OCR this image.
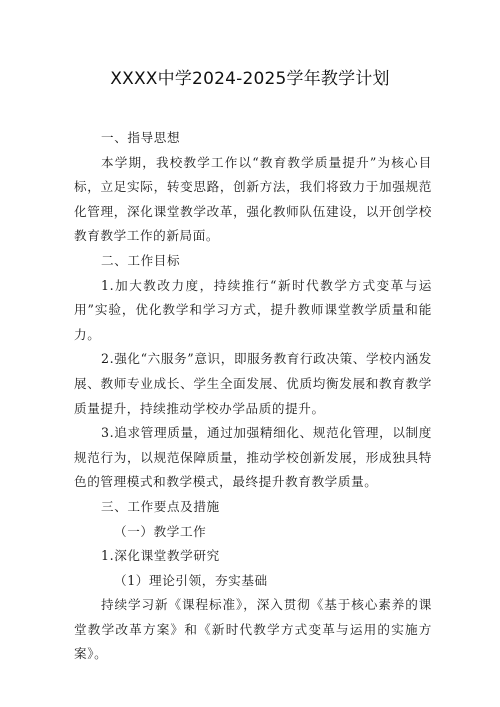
XXXX中学2024-2025学年教学计划

一、指导思想

本学期，我校教学工作以“教育教学质量提升”为核心目标，立足实际，转变思路，创新方法，我们将致力于加强规范化管理，深化课堂教学改革，强化教师队伍建设，以开创学校教育教学工作的新局面。

二、工作目标

1.加大教改力度，持续推行“新时代教学方式变革与运用”实验，优化教学和学习方式，提升教师课堂教学质量和能力。

2.强化“六服务”意识，即服务教育行政决策、学校内涵发展、教师专业成长、学生全面发展、优质均衡发展和教育教学质量提升，持续推动学校办学品质的提升。

3.追求管理质量，通过加强精细化、规范化管理，以制度规范行为，以规范保障质量，推动学校创新发展，形成独具特色的管理模式和教学模式，最终提升教育教学质量。

三、工作要点及措施

（一）教学工作

1.深化课堂教学研究

（1）理论引领，夯实基础

持续学习新《课程标准》，深入贯彻《基于核心素养的课堂教学改革方案》和《新时代教学方式变革与运用的实施方案》。
